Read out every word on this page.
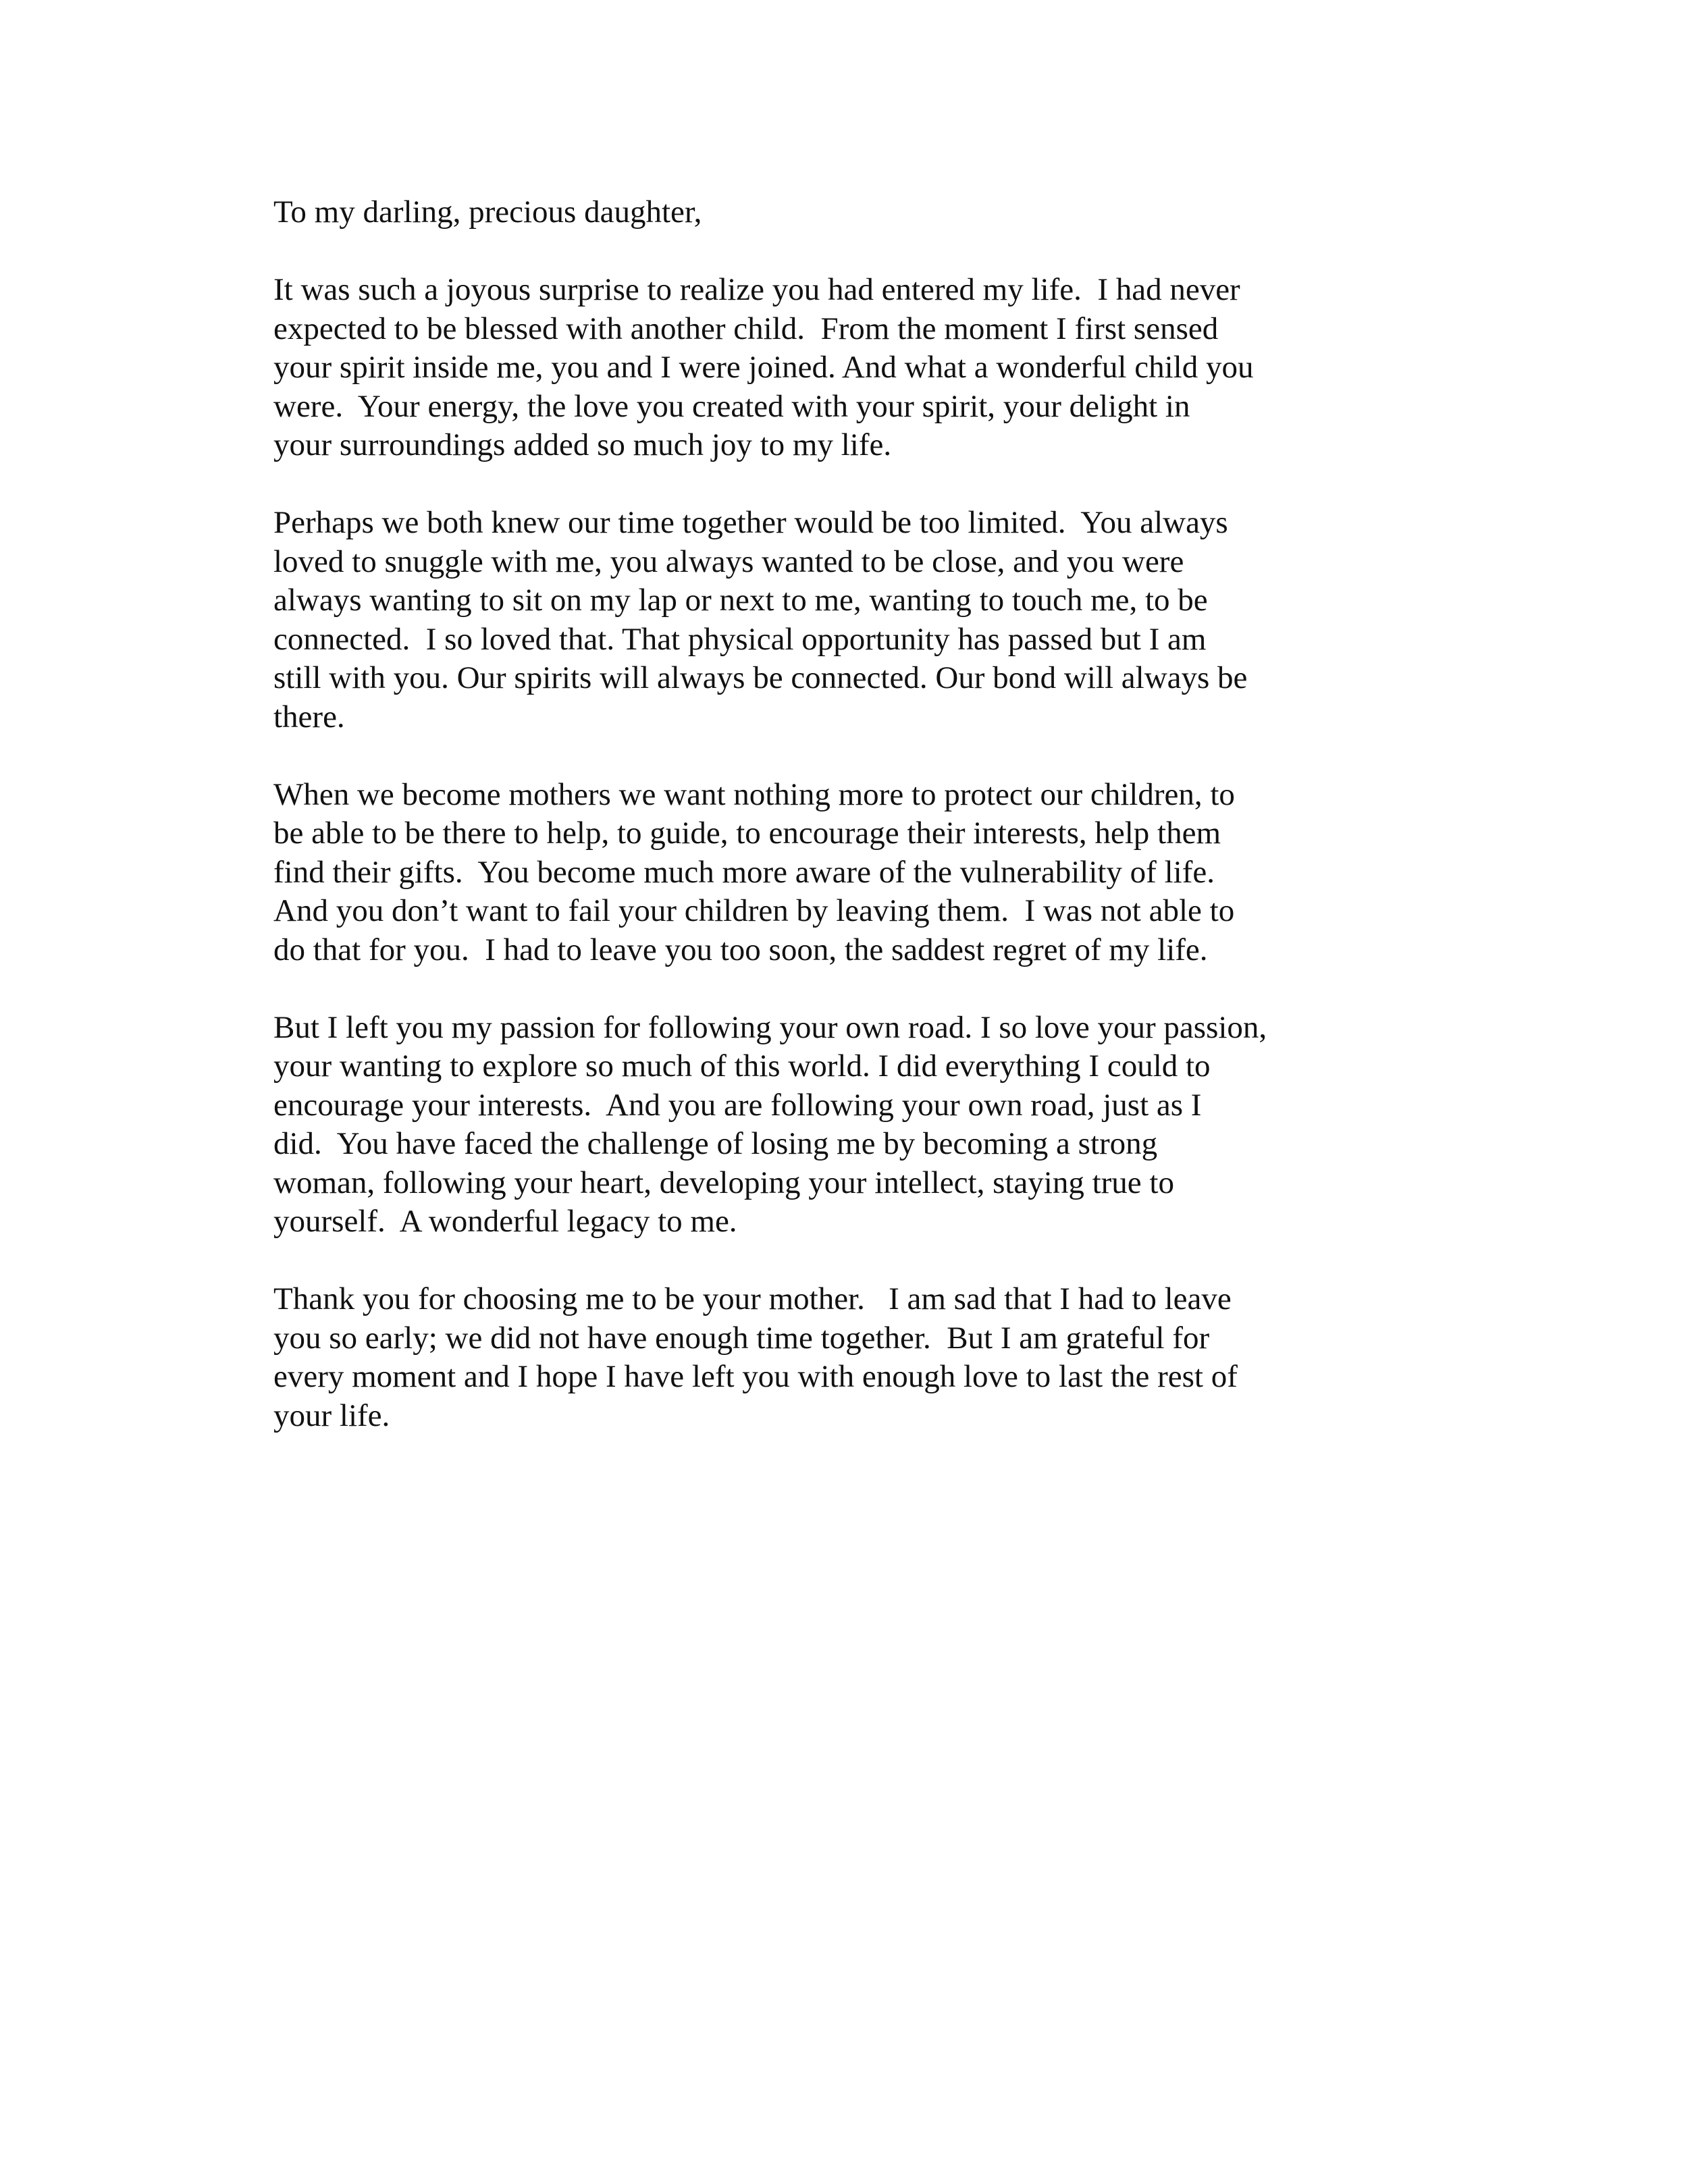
To my darling, precious daughter,
It was such a joyous surprise to realize you had entered my life.  I had never
expected to be blessed with another child.  From the moment I first sensed
your spirit inside me, you and I were joined. And what a wonderful child you
were.  Your energy, the love you created with your spirit, your delight in
your surroundings added so much joy to my life.
Perhaps we both knew our time together would be too limited.  You always
loved to snuggle with me, you always wanted to be close, and you were
always wanting to sit on my lap or next to me, wanting to touch me, to be
connected.  I so loved that. That physical opportunity has passed but I am
still with you. Our spirits will always be connected. Our bond will always be
there.
When we become mothers we want nothing more to protect our children, to
be able to be there to help, to guide, to encourage their interests, help them
find their gifts.  You become much more aware of the vulnerability of life.
And you don’t want to fail your children by leaving them.  I was not able to
do that for you.  I had to leave you too soon, the saddest regret of my life.
But I left you my passion for following your own road. I so love your passion,
your wanting to explore so much of this world. I did everything I could to
encourage your interests.  And you are following your own road, just as I
did.  You have faced the challenge of losing me by becoming a strong
woman, following your heart, developing your intellect, staying true to
yourself.  A wonderful legacy to me.
Thank you for choosing me to be your mother.   I am sad that I had to leave
you so early; we did not have enough time together.  But I am grateful for
every moment and I hope I have left you with enough love to last the rest of
your life.
